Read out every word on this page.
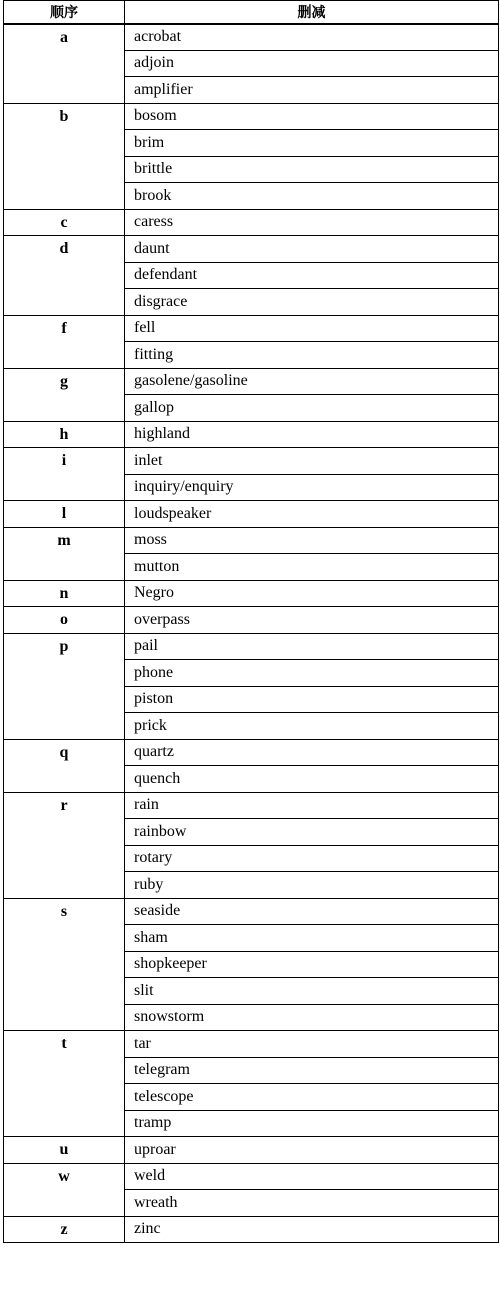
顺序	删减
a	acrobat
	adjoin
	amplifier
b	bosom
	brim
	brittle
	brook
c	caress
d	daunt
	defendant
	disgrace
f	fell
	fitting
g	gasolene/gasoline
	gallop
h	highland
i	inlet
	inquiry/enquiry
l	loudspeaker
m	moss
	mutton
n	Negro
o	overpass
p	pail
	phone
	piston
	prick
q	quartz
	quench
r	rain
	rainbow
	rotary
	ruby
s	seaside
	sham
	shopkeeper
	slit
	snowstorm
t	tar
	telegram
	telescope
	tramp
u	uproar
w	weld
	wreath
z	zinc
